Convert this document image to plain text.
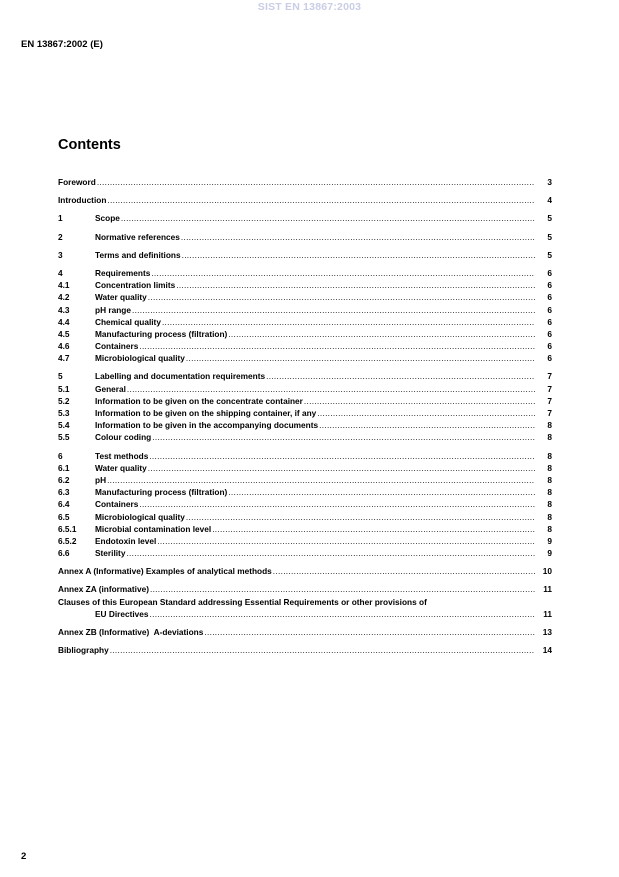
SIST EN 13867:2003
EN 13867:2002 (E)
Contents
Foreword .....	3
Introduction .....	4
1	Scope .....	5
2	Normative references .....	5
3	Terms and definitions .....	5
4	Requirements .....	6
4.1	Concentration limits .....	6
4.2	Water quality .....	6
4.3	pH range .....	6
4.4	Chemical quality .....	6
4.5	Manufacturing process (filtration) .....	6
4.6	Containers .....	6
4.7	Microbiological quality .....	6
5	Labelling and documentation requirements .....	7
5.1	General .....	7
5.2	Information to be given on the concentrate container .....	7
5.3	Information to be given on the shipping container, if any .....	7
5.4	Information to be given in the accompanying documents .....	8
5.5	Colour coding .....	8
6	Test methods .....	8
6.1	Water quality .....	8
6.2	pH .....	8
6.3	Manufacturing process (filtration) .....	8
6.4	Containers .....	8
6.5	Microbiological quality .....	8
6.5.1	Microbial contamination level .....	8
6.5.2	Endotoxin level .....	9
6.6	Sterility .....	9
Annex A (Informative) Examples of analytical methods .....	10
Annex ZA (informative) .....	11
Clauses of this European Standard addressing Essential Requirements or other provisions of
EU Directives .....	11
Annex ZB (Informative)  A-deviations .....	13
Bibliography .....	14
2
